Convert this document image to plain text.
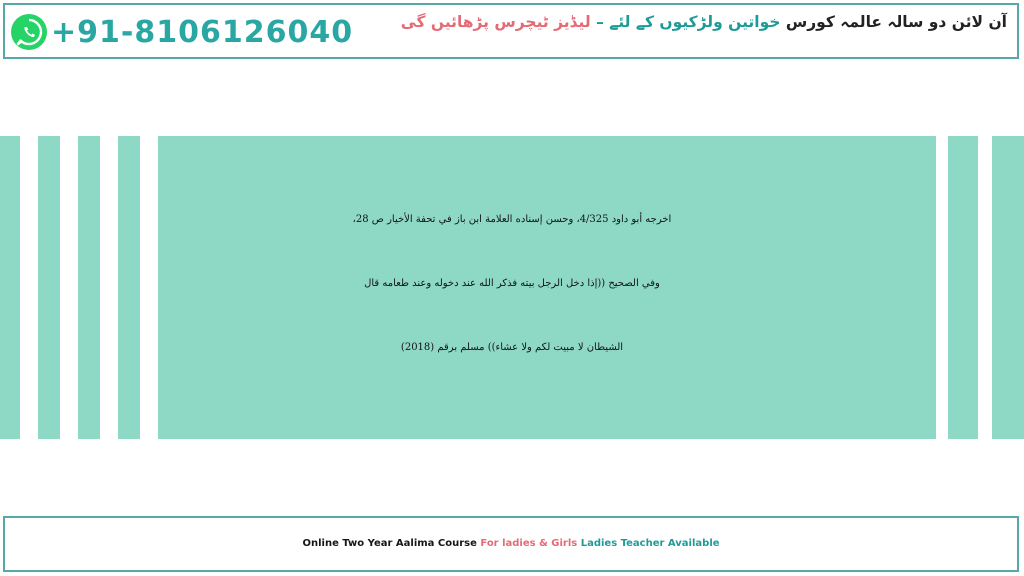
+91-8106126040	آن لائن دو سالہ عالمہ کورس خواتین ولڑکیوں کے لئے – لیڈیز ٹیچرس پڑھائیں گی
اخرجه أبو داود 4/325، وحسن إسناده العلامة ابن باز في تحفة الأخيار ص 28،
وفي الصحيح ((إذا دخل الرجل بيته فذكر الله عند دخوله وعند طعامه قال
الشيطان لا مبيت لكم ولا عشاء)) مسلم برقم (2018)
Online Two Year Aalima Course For ladies & Girls Ladies Teacher Available
